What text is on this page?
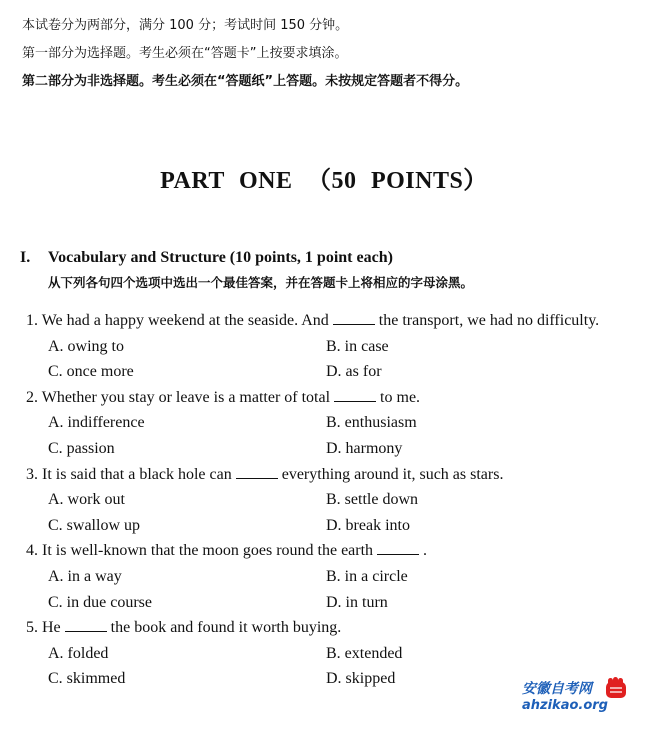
本试卷分为两部分，满分 100 分；考试时间 150 分钟。
第一部分为选择题。考生必须在“答题卡”上按要求填涂。
第二部分为非选择题。考生必须在“答题纸”上答题。未按规定答题者不得分。
PART ONE （50 POINTS）
I. Vocabulary and Structure (10 points, 1 point each)
从下列各句四个选项中选出一个最佳答案，并在答题卡上将相应的字母涂黑。
1. We had a happy weekend at the seaside. And	the transport, we had no difficulty.
A. owing to	B. in case
C. once more	D. as for
2. Whether you stay or leave is a matter of total	to me.
A. indifference	B. enthusiasm
C. passion	D. harmony
3. It is said that a black hole can	everything around it, such as stars.
A. work out	B. settle down
C. swallow up	D. break into
4. It is well-known that the moon goes round the earth	.
A. in a way	B. in a circle
C. in due course	D. in turn
5. He	the book and found it worth buying.
A. folded	B. extended
C. skimmed	D. skipped
安徽自考网
ahzikao.org
